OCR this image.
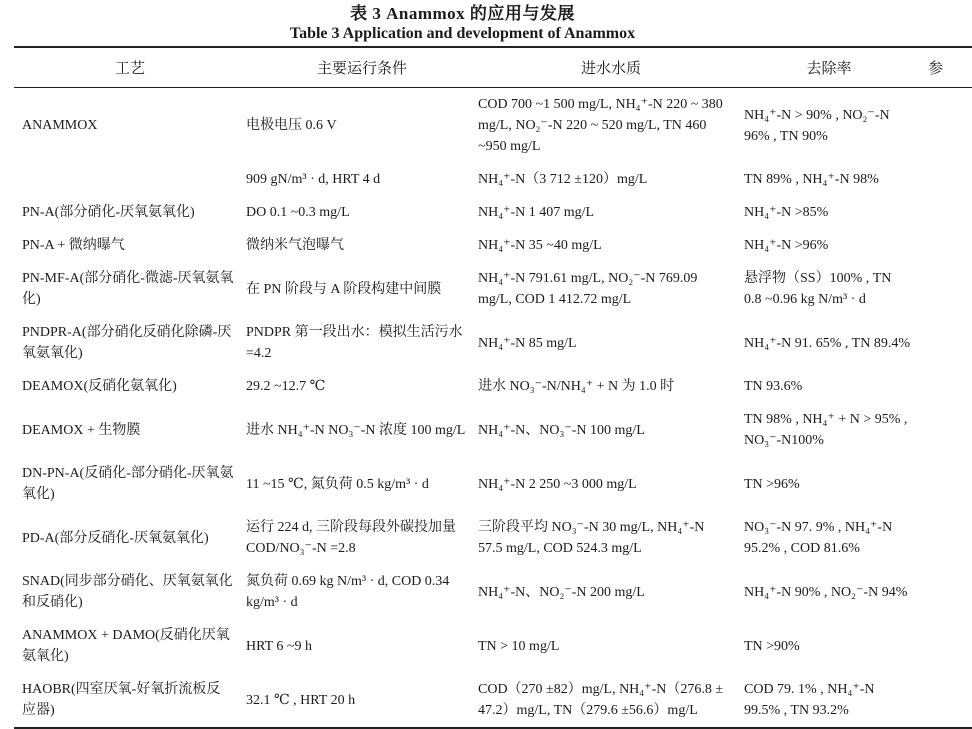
表 3 Anammox 的应用与发展
Table 3 Application and development of Anammox
工艺	主要运行条件	进水水质	去除率	参
ANAMMOX	电极电压 0.6 V	COD 700 ~1 500 mg/L, NH₄⁺-N 220 ~ 380 mg/L, NO₂⁻-N 220 ~ 520 mg/L, TN 460 ~950 mg/L	NH₄⁺-N > 90% , NO₂⁻-N 96% , TN 90%	
	909 gN/m³ · d, HRT 4 d	NH₄⁺-N（3 712 ±120）mg/L	TN 89% , NH₄⁺-N 98%	
PN-A(部分硝化-厌氧氨氧化)	DO 0.1 ~0.3 mg/L	NH₄⁺-N 1 407 mg/L	NH₄⁺-N >85%	
PN-A + 微纳曝气	微纳米气泡曝气	NH₄⁺-N 35 ~40 mg/L	NH₄⁺-N >96%	
PN-MF-A(部分硝化-微滤-厌氧氨氧化)	在 PN 阶段与 A 阶段构建中间膜	NH₄⁺-N 791.61 mg/L, NO₂⁻-N 769.09 mg/L, COD 1 412.72 mg/L	悬浮物（SS）100% , TN 0.8 ~0.96 kg N/m³ · d	
PNDPR-A(部分硝化反硝化除磷-厌氧氨氧化)	PNDPR 第一段出水：模拟生活污水 =4.2	NH₄⁺-N 85 mg/L	NH₄⁺-N 91. 65% , TN 89.4%	
DEAMOX(反硝化氨氧化)	29.2 ~12.7 ℃	进水 NO₃⁻-N/NH₄⁺ + N 为 1.0 时	TN 93.6%	
DEAMOX + 生物膜	进水 NH₄⁺-N NO₃⁻-N 浓度 100 mg/L	NH₄⁺-N、NO₃⁻-N 100 mg/L	TN 98% , NH₄⁺ + N > 95% , NO₃⁻-N100%	
DN-PN-A(反硝化-部分硝化-厌氧氨氧化)	11 ~15 ℃, 氮负荷 0.5 kg/m³ · d	NH₄⁺-N 2 250 ~3 000 mg/L	TN >96%	
PD-A(部分反硝化-厌氧氨氧化)	运行 224 d, 三阶段每段外碳投加量 COD/NO₃⁻-N =2.8	三阶段平均 NO₃⁻-N 30 mg/L, NH₄⁺-N 57.5 mg/L, COD 524.3 mg/L	NO₃⁻-N 97. 9% , NH₄⁺-N 95.2% , COD 81.6%	
SNAD(同步部分硝化、厌氧氨氧化和反硝化)	氮负荷 0.69 kg N/m³ · d, COD 0.34 kg/m³ · d	NH₄⁺-N、NO₂⁻-N 200 mg/L	NH₄⁺-N 90% , NO₂⁻-N 94%	
ANAMMOX + DAMO(反硝化厌氧氨氧化)	HRT 6 ~9 h	TN > 10 mg/L	TN >90%	
HAOBR(四室厌氧-好氧折流板反应器)	32.1 ℃ , HRT 20 h	COD（270 ±82）mg/L, NH₄⁺-N（276.8 ± 47.2）mg/L, TN（279.6 ±56.6）mg/L	COD 79. 1% , NH₄⁺-N 99.5% , TN 93.2%	
